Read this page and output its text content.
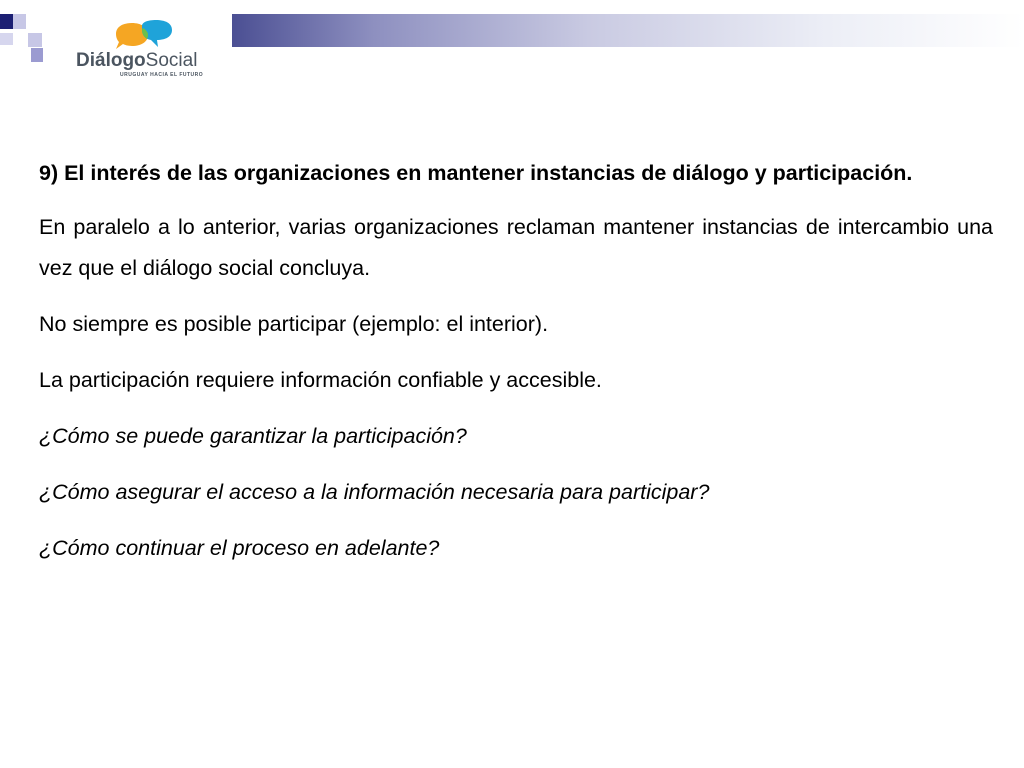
DiálogoSocial
URUGUAY HACIA EL FUTURO

9) El interés de las organizaciones en mantener instancias de diálogo y participación.

En paralelo a lo anterior, varias organizaciones reclaman mantener instancias de intercambio una vez que el diálogo social concluya.

No siempre es posible participar (ejemplo: el interior).

La participación requiere información confiable y accesible.

¿Cómo se puede garantizar la participación?

¿Cómo asegurar el acceso a la información necesaria para participar?

¿Cómo continuar el proceso en adelante?
